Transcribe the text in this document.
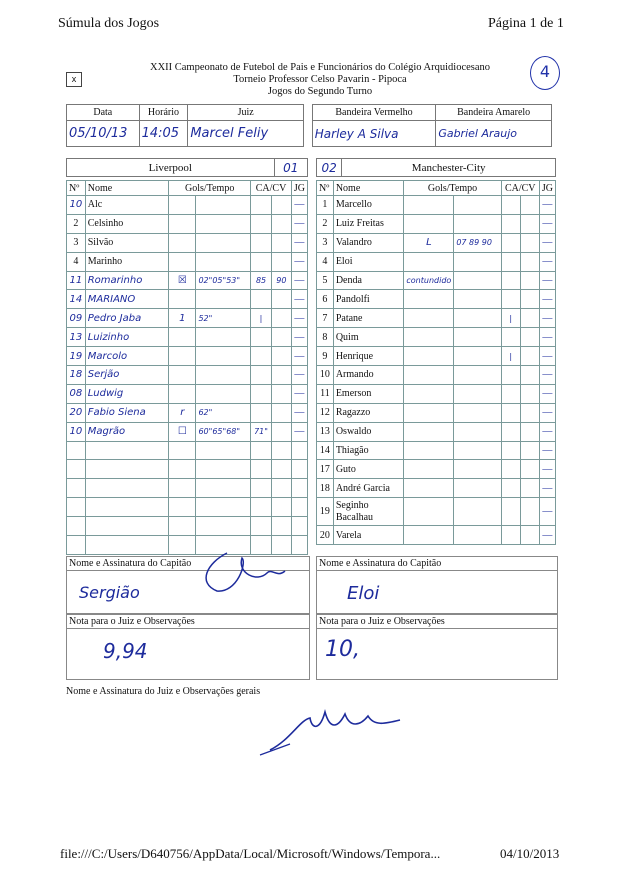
Súmula dos Jogos	Página 1 de 1
x
XXII Campeonato de Futebol de Pais e Funcionários do Colégio Arquidiocesano
Torneio Professor Celso Pavarin - Pipoca
Jogos do Segundo Turno
4
Data	Horário	Juiz		Bandeira Vermelho	Bandeira Amarelo
05/10/13	14:05	Marcel Feliy		Harley A Silva	Gabriel Araujo
Liverpool	01 02	Manchester-City
Nº	Nome	Gols/Tempo		CA/CV		JG
10	Alc					—
2	Celsinho					—
3	Silvão					—
4	Marinho					—
11	Romarinho	☒	02"05"53"	85	90	—
14	MARIANO					—
09	Pedro Jaba	1	52"	|		—
13	Luizinho					—
19	Marcolo					—
18	Serjão					—
08	Ludwig					—
20	Fabio Siena	r	62"			—
10	Magrão	☐	60"65"68"	71"		—

Nº	Nome	Gols/Tempo		CA/CV		JG
1	Marcello					—
2	Luiz Freitas					—
3	Valandro	L	07 89 90			—
4	Eloi					—
5	Denda	contundido				—
6	Pandolfi					—
7	Patane			|		—
8	Quim					—
9	Henrique			|		—
10	Armando					—
11	Emerson					—
12	Ragazzo					—
13	Oswaldo					—
14	Thiagão					—
17	Guto					—
18	André Garcia					—
19	Seginho Bacalhau					—
20	Varela					—
Nome e Assinatura do Capitão
Sergião
Nome e Assinatura do Capitão
Eloi
Nota para o Juiz e Observações
9,94
Nota para o Juiz e Observações
10,
Nome e Assinatura do Juiz e Observações gerais
file:///C:/Users/D640756/AppData/Local/Microsoft/Windows/Tempora...	04/10/2013
